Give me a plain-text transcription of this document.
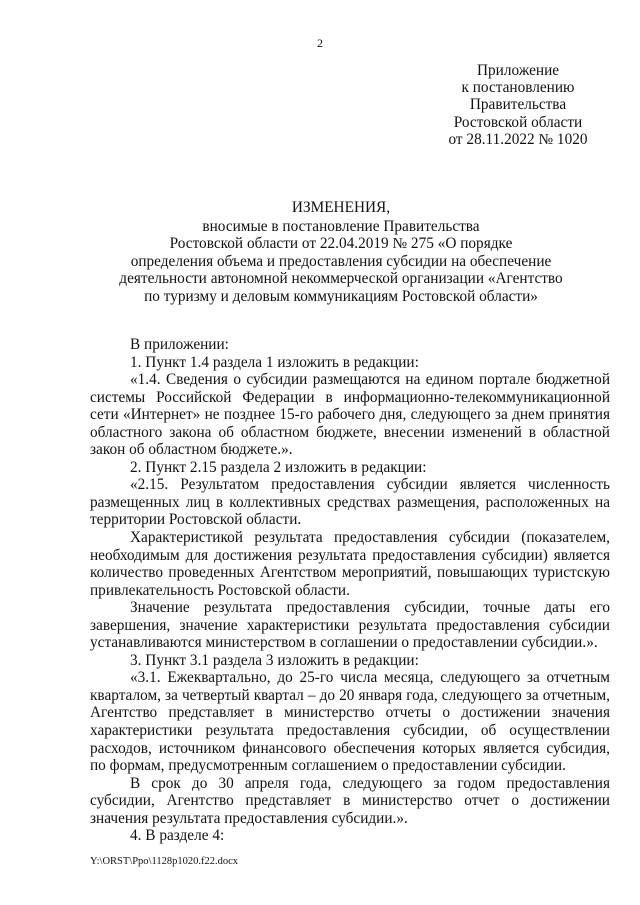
2
Приложение
к постановлению
Правительства
Ростовской области
от 28.11.2022 № 1020
ИЗМЕНЕНИЯ,
вносимые в постановление Правительства
Ростовской области от 22.04.2019 № 275 «О порядке
определения объема и предоставления субсидии на обеспечение
деятельности автономной некоммерческой организации «Агентство
по туризму и деловым коммуникациям Ростовской области»

В приложении:

1. Пункт 1.4 раздела 1 изложить в редакции:

«1.4. Сведения о субсидии размещаются на едином портале бюджетной системы Российской Федерации в информационно-телекоммуникационной сети «Интернет» не позднее 15-го рабочего дня, следующего за днем принятия областного закона об областном бюджете, внесении изменений в областной закон об областном бюджете.».

2. Пункт 2.15 раздела 2 изложить в редакции:

«2.15. Результатом предоставления субсидии является численность размещенных лиц в коллективных средствах размещения, расположенных на территории Ростовской области.

Характеристикой результата предоставления субсидии (показателем, необходимым для достижения результата предоставления субсидии) является количество проведенных Агентством мероприятий, повышающих туристскую привлекательность Ростовской области.

Значение результата предоставления субсидии, точные даты его завершения, значение характеристики результата предоставления субсидии устанавливаются министерством в соглашении о предоставлении субсидии.».

3. Пункт 3.1 раздела 3 изложить в редакции:

«3.1. Ежеквартально, до 25-го числа месяца, следующего за отчетным кварталом, за четвертый квартал – до 20 января года, следующего за отчетным, Агентство представляет в министерство отчеты о достижении значения характеристики результата предоставления субсидии, об осуществлении расходов, источником финансового обеспечения которых является субсидия, по формам, предусмотренным соглашением о предоставлении субсидии.

В срок до 30 апреля года, следующего за годом предоставления субсидии, Агентство представляет в министерство отчет о достижении значения результата предоставления субсидии.».

4. В разделе 4:

Y:\ORST\Ppo\1128p1020.f22.docx
